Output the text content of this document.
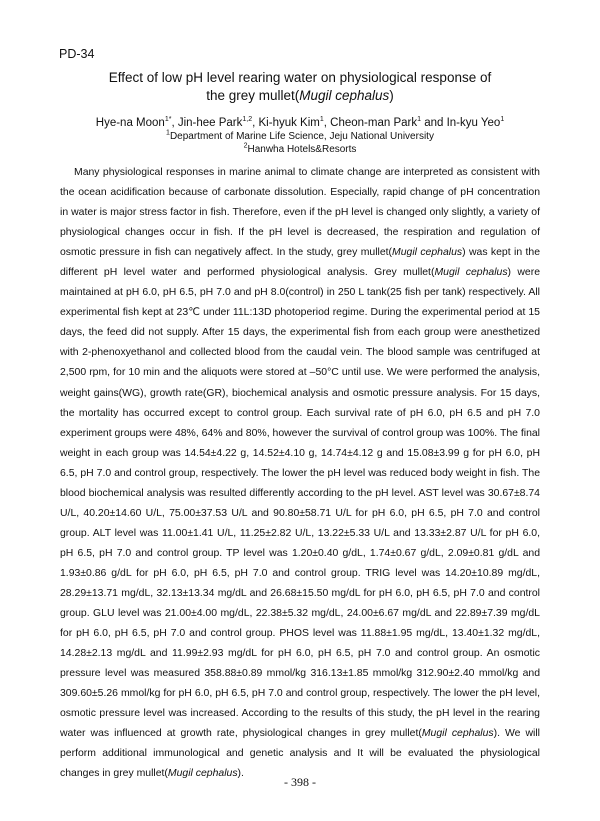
PD-34
Effect of low pH level rearing water on physiological response of
the grey mullet(Mugil cephalus)
Hye-na Moon$^{1*}$, Jin-hee Park$^{1,2}$, Ki-hyuk Kim$^1$, Cheon-man Park$^1$ and In-kyu Yeo$^1$
$^1$Department of Marine Life Science, Jeju National University
$^2$Hanwha Hotels&Resorts

Many physiological responses in marine animal to climate change are interpreted as consistent with the ocean acidification because of carbonate dissolution. Especially, rapid change of pH concentration in water is major stress factor in fish. Therefore, even if the pH level is changed only slightly, a variety of physiological changes occur in fish. If the pH level is decreased, the respiration and regulation of osmotic pressure in fish can negatively affect. In the study, grey mullet(Mugil cephalus) was kept in the different pH level water and performed physiological analysis. Grey mullet(Mugil cephalus) were maintained at pH 6.0, pH 6.5, pH 7.0 and pH 8.0(control) in 250 L tank(25 fish per tank) respectively. All experimental fish kept at 23℃ under 11L:13D photoperiod regime. During the experimental period at 15 days, the feed did not supply. After 15 days, the experimental fish from each group were anesthetized with 2-phenoxyethanol and collected blood from the caudal vein. The blood sample was centrifuged at 2,500 rpm, for 10 min and the aliquots were stored at –50°C until use. We were performed the analysis, weight gains(WG), growth rate(GR), biochemical analysis and osmotic pressure analysis. For 15 days, the mortality has occurred except to control group. Each survival rate of pH 6.0, pH 6.5 and pH 7.0 experiment groups were 48%, 64% and 80%, however the survival of control group was 100%. The final weight in each group was 14.54±4.22 g, 14.52±4.10 g, 14.74±4.12 g and 15.08±3.99 g for pH 6.0, pH 6.5, pH 7.0 and control group, respectively. The lower the pH level was reduced body weight in fish. The blood biochemical analysis was resulted differently according to the pH level. AST level was 30.67±8.74 U/L, 40.20±14.60 U/L, 75.00±37.53 U/L and 90.80±58.71 U/L for pH 6.0, pH 6.5, pH 7.0 and control group. ALT level was 11.00±1.41 U/L, 11.25±2.82 U/L, 13.22±5.33 U/L and 13.33±2.87 U/L for pH 6.0, pH 6.5, pH 7.0 and control group. TP level was 1.20±0.40 g/dL, 1.74±0.67 g/dL, 2.09±0.81 g/dL and 1.93±0.86 g/dL for pH 6.0, pH 6.5, pH 7.0 and control group. TRIG level was 14.20±10.89 mg/dL, 28.29±13.71 mg/dL, 32.13±13.34 mg/dL and 26.68±15.50 mg/dL for pH 6.0, pH 6.5, pH 7.0 and control group. GLU level was 21.00±4.00 mg/dL, 22.38±5.32 mg/dL, 24.00±6.67 mg/dL and 22.89±7.39 mg/dL for pH 6.0, pH 6.5, pH 7.0 and control group. PHOS level was 11.88±1.95 mg/dL, 13.40±1.32 mg/dL, 14.28±2.13 mg/dL and 11.99±2.93 mg/dL for pH 6.0, pH 6.5, pH 7.0 and control group. An osmotic pressure level was measured 358.88±0.89 mmol/kg 316.13±1.85 mmol/kg 312.90±2.40 mmol/kg and 309.60±5.26 mmol/kg for pH 6.0, pH 6.5, pH 7.0 and control group, respectively. The lower the pH level, osmotic pressure level was increased. According to the results of this study, the pH level in the rearing water was influenced at growth rate, physiological changes in grey mullet(Mugil cephalus). We will perform additional immunological and genetic analysis and It will be evaluated the physiological changes in grey mullet(Mugil cephalus).

- 398 -
